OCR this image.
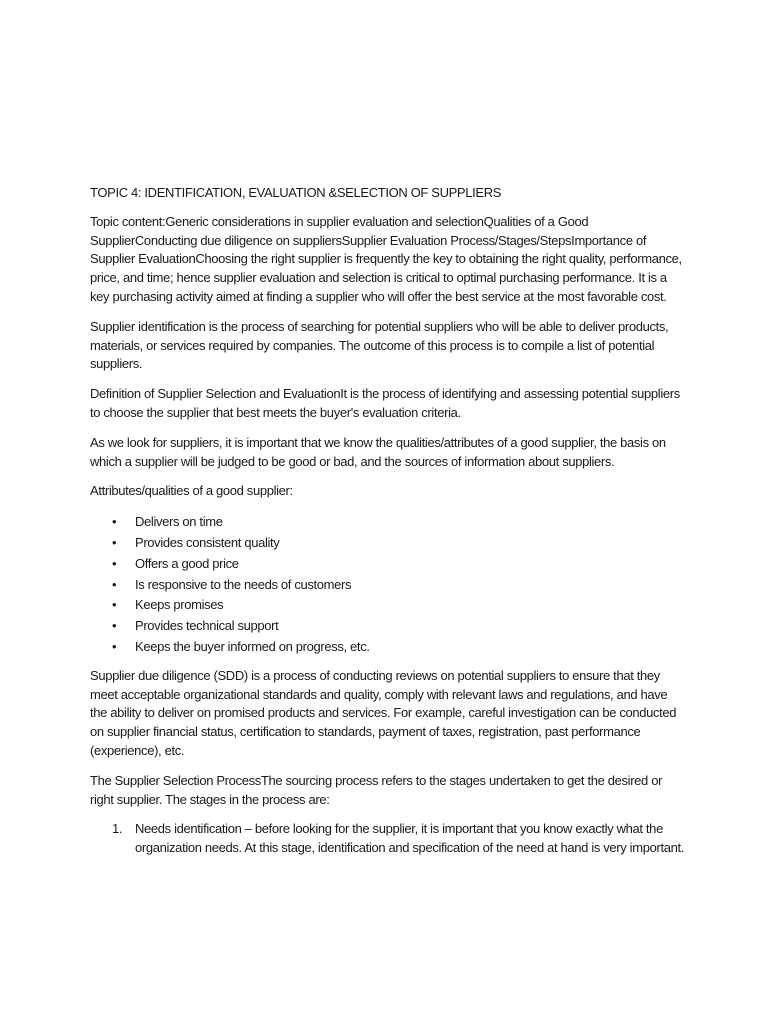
TOPIC 4: IDENTIFICATION, EVALUATION &SELECTION OF SUPPLIERS

Topic content:Generic considerations in supplier evaluation and selectionQualities of a Good SupplierConducting due diligence on suppliersSupplier Evaluation Process/Stages/StepsImportance of Supplier EvaluationChoosing the right supplier is frequently the key to obtaining the right quality, performance, price, and time; hence supplier evaluation and selection is critical to optimal purchasing performance. It is a key purchasing activity aimed at finding a supplier who will offer the best service at the most favorable cost.

Supplier identification is the process of searching for potential suppliers who will be able to deliver products, materials, or services required by companies. The outcome of this process is to compile a list of potential suppliers.

Definition of Supplier Selection and EvaluationIt is the process of identifying and assessing potential suppliers to choose the supplier that best meets the buyer's evaluation criteria.

As we look for suppliers, it is important that we know the qualities/attributes of a good supplier, the basis on which a supplier will be judged to be good or bad, and the sources of information about suppliers.

Attributes/qualities of a good supplier:

• Delivers on time
• Provides consistent quality
• Offers a good price
• Is responsive to the needs of customers
• Keeps promises
• Provides technical support
• Keeps the buyer informed on progress, etc.

Supplier due diligence (SDD) is a process of conducting reviews on potential suppliers to ensure that they meet acceptable organizational standards and quality, comply with relevant laws and regulations, and have the ability to deliver on promised products and services. For example, careful investigation can be conducted on supplier financial status, certification to standards, payment of taxes, registration, past performance (experience), etc.

The Supplier Selection ProcessThe sourcing process refers to the stages undertaken to get the desired or right supplier. The stages in the process are:

1. Needs identification – before looking for the supplier, it is important that you know exactly what the organization needs. At this stage, identification and specification of the need at hand is very important.
